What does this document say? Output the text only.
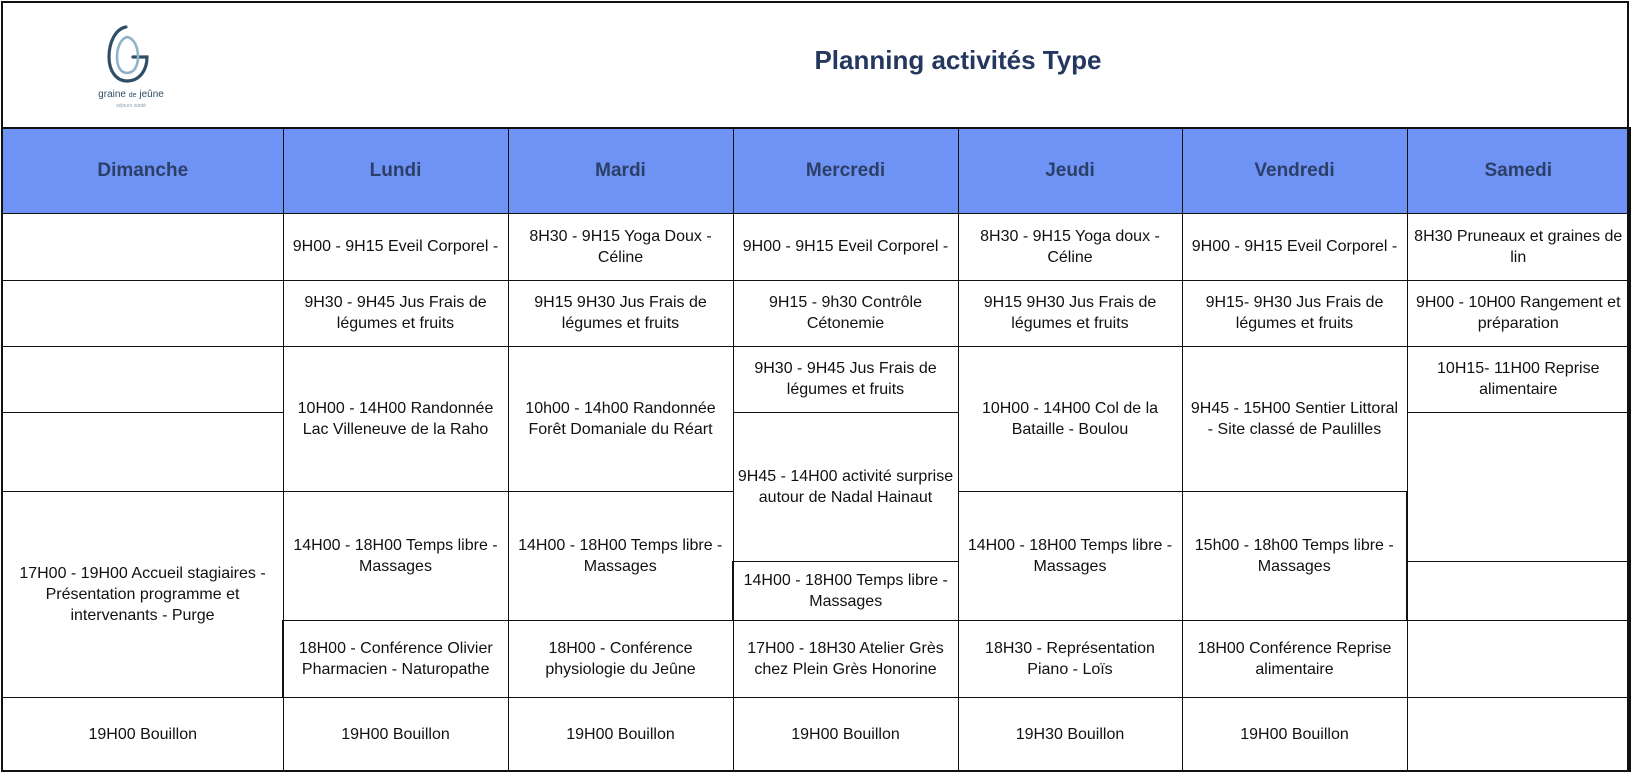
graine de jeûne
séjours santé
Planning activités Type
Dimanche	Lundi	Mardi	Mercredi	Jeudi	Vendredi	Samedi
	9H00 - 9H15 Eveil Corporel -	8H30 - 9H15 Yoga Doux - Céline	9H00 - 9H15 Eveil Corporel -	8H30 - 9H15 Yoga doux - Céline	9H00 - 9H15 Eveil Corporel -	8H30 Pruneaux et graines de lin
	9H30 - 9H45 Jus Frais de légumes et fruits	9H15 9H30 Jus Frais de légumes et fruits	9H15 - 9h30 Contrôle Cétonemie	9H15 9H30 Jus Frais de légumes et fruits	9H15- 9H30 Jus Frais de légumes et fruits	9H00 - 10H00 Rangement et préparation
	10H00 - 14H00 Randonnée Lac Villeneuve de la Raho	10h00 - 14h00 Randonnée Forêt Domaniale du Réart	9H30 - 9H45 Jus Frais de légumes et fruits	10H00 - 14H00 Col de la Bataille - Boulou	9H45 - 15H00 Sentier Littoral - Site classé de Paulilles	10H15- 11H00 Reprise alimentaire
			9H45 - 14H00 activité surprise autour de Nadal Hainaut			
17H00 - 19H00 Accueil stagiaires - Présentation programme et intervenants - Purge	14H00 - 18H00 Temps libre - Massages	14H00 - 18H00 Temps libre - Massages		14H00 - 18H00 Temps libre - Massages	15h00 - 18h00 Temps libre - Massages	
			14H00 - 18H00 Temps libre - Massages			
	18H00 - Conférence Olivier Pharmacien - Naturopathe	18H00 - Conférence physiologie du Jeûne	17H00 - 18H30 Atelier Grès chez Plein Grès Honorine	18H30 - Représentation Piano - Loïs	18H00 Conférence Reprise alimentaire	
19H00 Bouillon	19H00 Bouillon	19H00 Bouillon	19H00 Bouillon	19H30 Bouillon	19H00 Bouillon	
